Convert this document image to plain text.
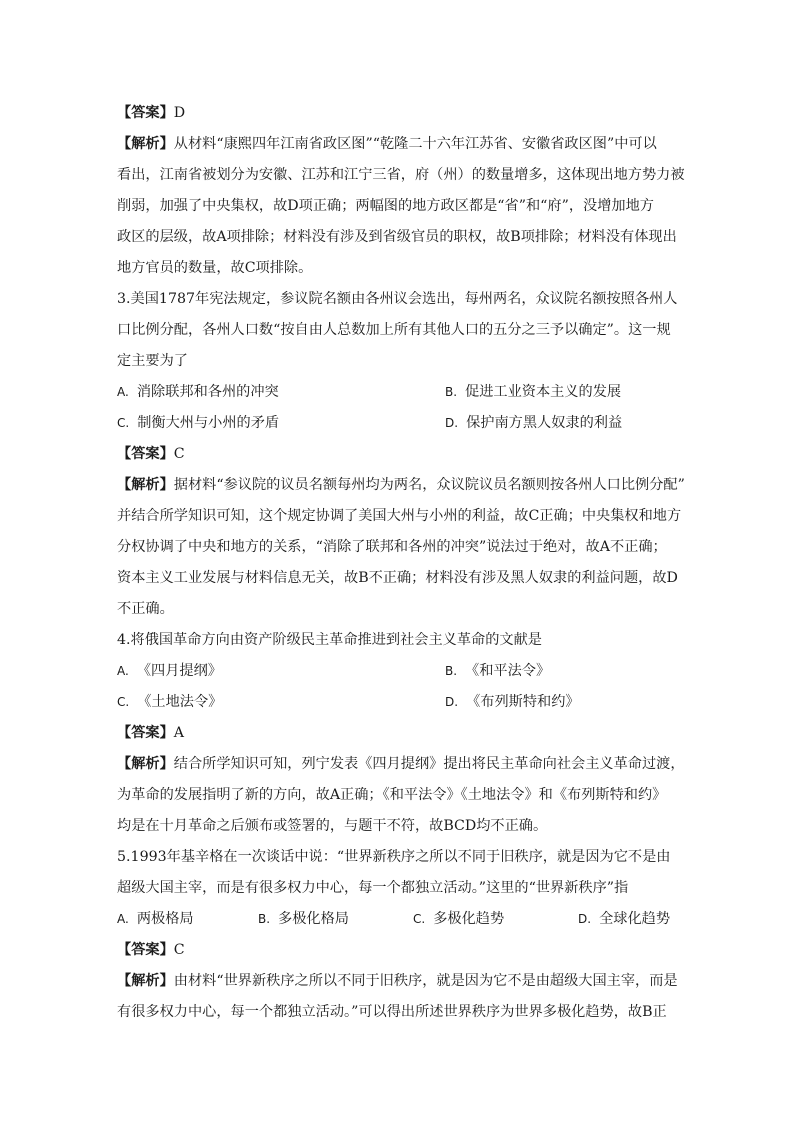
【答案】D

【解析】从材料“康熙四年江南省政区图”“乾隆二十六年江苏省、安徽省政区图”中可以
看出，江南省被划分为安徽、江苏和江宁三省，府（州）的数量增多，这体现出地方势力被
削弱，加强了中央集权，故D项正确；两幅图的地方政区都是“省”和“府”，没增加地方
政区的层级，故A项排除；材料没有涉及到省级官员的职权，故B项排除；材料没有体现出
地方官员的数量，故C项排除。

3.美国1787年宪法规定，参议院名额由各州议会选出，每州两名，众议院名额按照各州人
口比例分配，各州人口数“按自由人总数加上所有其他人口的五分之三予以确定”。这一规
定主要为了

A. 消除联邦和各州的冲突	B. 促进工业资本主义的发展
C. 制衡大州与小州的矛盾	D. 保护南方黑人奴隶的利益

【答案】C

【解析】据材料“参议院的议员名额每州均为两名，众议院议员名额则按各州人口比例分配”
并结合所学知识可知，这个规定协调了美国大州与小州的利益，故C正确；中央集权和地方
分权协调了中央和地方的关系，“消除了联邦和各州的冲突”说法过于绝对，故A不正确；
资本主义工业发展与材料信息无关，故B不正确；材料没有涉及黑人奴隶的利益问题，故D
不正确。

4.将俄国革命方向由资产阶级民主革命推进到社会主义革命的文献是

A. 《四月提纲》	B. 《和平法令》
C. 《土地法令》	D. 《布列斯特和约》

【答案】A

【解析】结合所学知识可知，列宁发表《四月提纲》提出将民主革命向社会主义革命过渡，
为革命的发展指明了新的方向，故A正确；《和平法令》《土地法令》和《布列斯特和约》
均是在十月革命之后颁布或签署的，与题干不符，故BCD均不正确。

5.1993年基辛格在一次谈话中说：“世界新秩序之所以不同于旧秩序，就是因为它不是由
超级大国主宰，而是有很多权力中心，每一个都独立活动。”这里的“世界新秩序”指

A. 两极格局	B. 多极化格局	C. 多极化趋势	D. 全球化趋势

【答案】C

【解析】由材料“世界新秩序之所以不同于旧秩序，就是因为它不是由超级大国主宰，而是
有很多权力中心，每一个都独立活动。”可以得出所述世界秩序为世界多极化趋势，故B正
